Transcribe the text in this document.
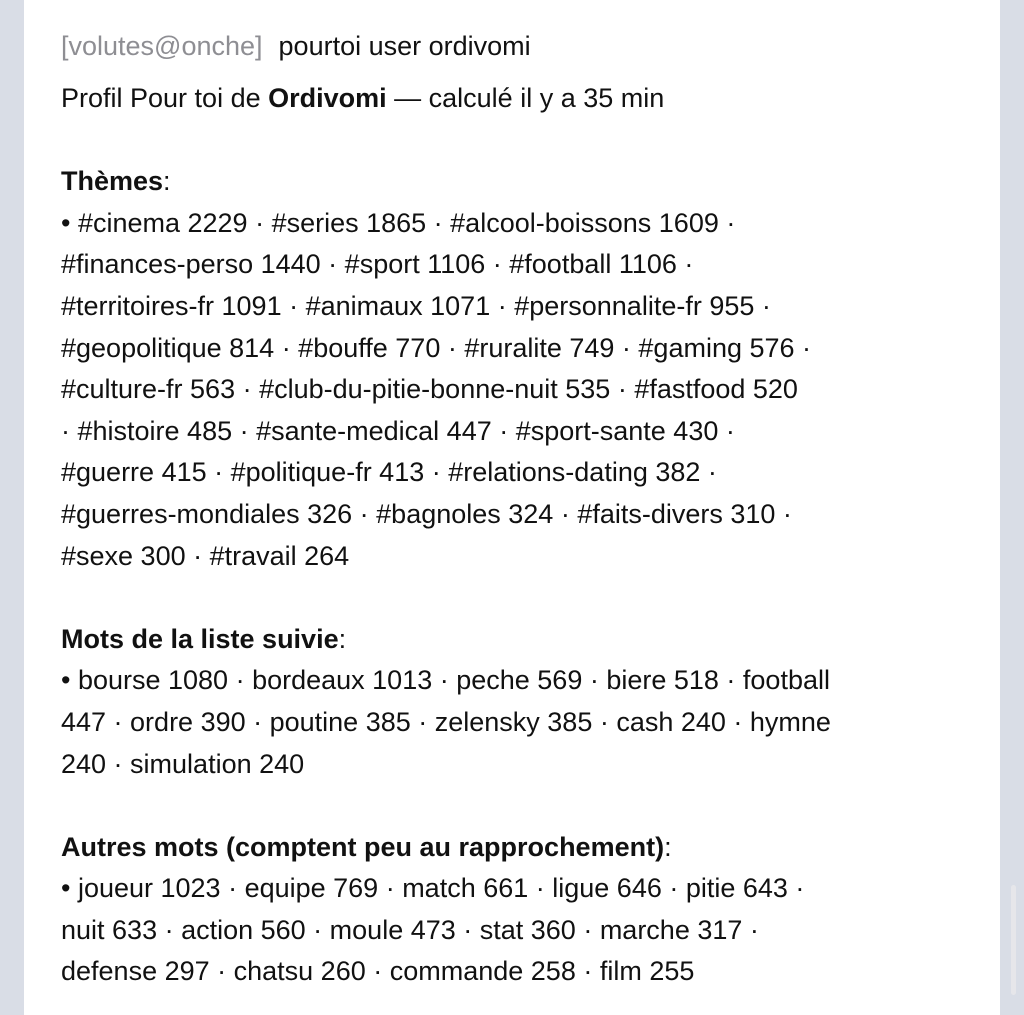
[volutes@onche] pourtoi user ordivomi
Profil Pour toi de Ordivomi — calculé il y a 35 min
Thèmes:
• #cinema 2229 · #series 1865 · #alcool-boissons 1609 ·
#finances-perso 1440 · #sport 1106 · #football 1106 ·
#territoires-fr 1091 · #animaux 1071 · #personnalite-fr 955 ·
#geopolitique 814 · #bouffe 770 · #ruralite 749 · #gaming 576 ·
#culture-fr 563 · #club-du-pitie-bonne-nuit 535 · #fastfood 520
· #histoire 485 · #sante-medical 447 · #sport-sante 430 ·
#guerre 415 · #politique-fr 413 · #relations-dating 382 ·
#guerres-mondiales 326 · #bagnoles 324 · #faits-divers 310 ·
#sexe 300 · #travail 264
Mots de la liste suivie:
• bourse 1080 · bordeaux 1013 · peche 569 · biere 518 · football
447 · ordre 390 · poutine 385 · zelensky 385 · cash 240 · hymne
240 · simulation 240
Autres mots (comptent peu au rapprochement):
• joueur 1023 · equipe 769 · match 661 · ligue 646 · pitie 643 ·
nuit 633 · action 560 · moule 473 · stat 360 · marche 317 ·
defense 297 · chatsu 260 · commande 258 · film 255
